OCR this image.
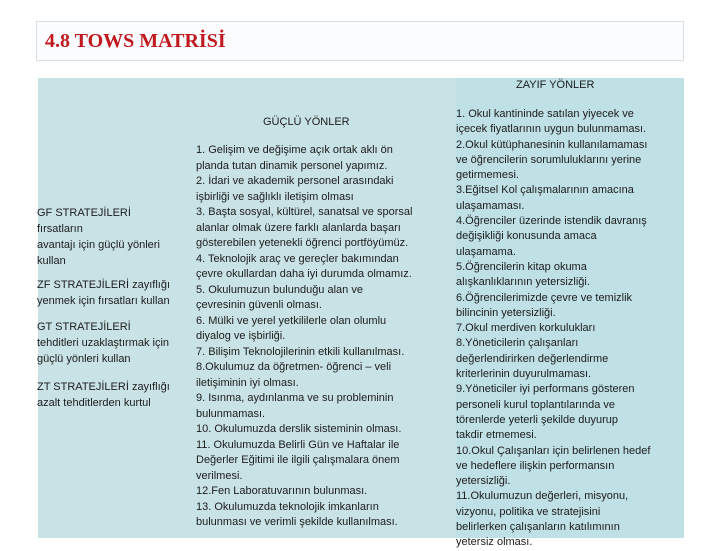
4.8 TOWS MATRİSİ
ZAYIF YÖNLER
GÜÇLÜ YÖNLER
GF STRATEJİLERİ
fırsatların
avantajı için güçlü yönleri
kullan
ZF STRATEJİLERİ zayıflığı
yenmek için fırsatları kullan
GT STRATEJİLERİ
tehditleri uzaklaştırmak için
güçlü yönleri kullan
ZT STRATEJİLERİ zayıflığı
azalt tehditlerden kurtul
1. Gelişim ve değişime açık ortak aklı ön
planda tutan dinamik personel yapımız.
2. İdari ve akademik personel arasındaki
işbirliği ve sağlıklı iletişim olması
3. Başta sosyal, kültürel, sanatsal ve sporsal
alanlar olmak üzere farklı alanlarda başarı
gösterebilen yetenekli öğrenci portföyümüz.
4. Teknolojik araç ve gereçler bakımından
çevre okullardan daha iyi durumda olmamız.
5. Okulumuzun bulunduğu alan ve
çevresinin güvenli olması.
6. Mülki ve yerel yetkililerle olan olumlu
diyalog ve işbirliği.
7. Bilişim Teknolojilerinin etkili kullanılması.
8.Okulumuz da öğretmen- öğrenci – veli
iletişiminin iyi olması.
9. Isınma, aydınlanma ve su probleminin
bulunmaması.
10. Okulumuzda derslik sisteminin olması.
11. Okulumuzda Belirli Gün ve Haftalar ile
Değerler Eğitimi ile ilgili çalışmalara önem
verilmesi.
12.Fen Laboratuvarının bulunması.
13. Okulumuzda teknolojik imkanların
bulunması ve verimli şekilde kullanılması.
1. Okul kantininde satılan yiyecek ve
içecek fiyatlarının uygun bulunmaması.
2.Okul kütüphanesinin kullanılamaması
ve öğrencilerin sorumluluklarını yerine
getirmemesi.
3.Eğitsel Kol çalışmalarının amacına
ulaşamaması.
4.Öğrenciler üzerinde istendik davranış
değişikliği konusunda amaca
ulaşamama.
5.Öğrencilerin kitap okuma
alışkanlıklarının yetersizliği.
6.Öğrencilerimizde çevre ve temizlik
bilincinin yetersizliği.
7.Okul merdiven korkulukları
8.Yöneticilerin çalışanları
değerlendirirken değerlendirme
kriterlerinin duyurulmaması.
9.Yöneticiler iyi performans gösteren
personeli kurul toplantılarında ve
törenlerde yeterli şekilde duyurup
takdir etmemesi.
10.Okul Çalışanları için belirlenen hedef
ve hedeflere ilişkin performansın
yetersizliği.
11.Okulumuzun değerleri, misyonu,
vizyonu, politika ve stratejisini
belirlerken çalışanların katılımının
yetersiz olması.
